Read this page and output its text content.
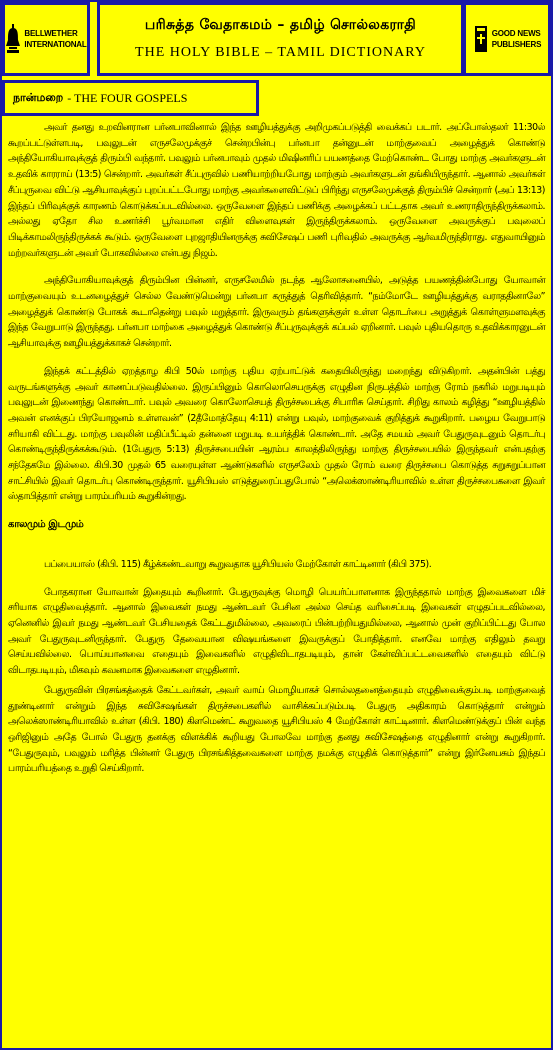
BELLWETHER
INTERNATIONAL
பரிசுத்த வேதாகமம் – தமிழ் சொல்லகராதி
THE HOLY BIBLE – TAMIL DICTIONARY
GOOD NEWS
PUBLISHERS
நான்மறை - THE FOUR GOSPELS

அவர் தனது உறவினரான பர்னபாவினால் இந்த ஊழியத்துக்கு அறிமுகப்படுத்தி வைக்கப் படார். அப்போஸ்தலர் 11:30ல் கூறப்பட்டுள்ளபடி, பவுலுடன் எருசலேமுக்குச் சென்றபின்பு பர்னபா தன்னுடன் மாற்குவைப் அழைத்துக் கொண்டு அந்தியோகியாவுக்குத் திரும்பி வந்தார். பவுலும் பர்னபாவும் முதல் மிஷினரிப் பயணத்தை மேற்கொண்ட போது மாற்கு அவர்களுடன் உதவிக் காரராய் (13:5) சென்றார். அவர்கள் சீப்புருவில் பணியாற்றியபோது மாற்கும் அவர்களுடன் தங்கியிருந்தார். ஆனால் அவர்கள் சீப்புருவை விட்டு ஆசியாவுக்குப் புறப்பட்டபோது மாற்கு அவர்களைவிட்டுப் பிரிந்து எருசலேமுக்குத் திரும்பிச் சென்றார் (அப் 13:13) இந்தப் பிரிவுக்குக் காரணம் கொடுக்கப்படவில்லை. ஒருவேளை இந்தப் பணிக்கு அழைக்கப் பட்டதாக அவர் உணராதிருந்திருக்கலாம். அல்லது ஏதோ சில உணர்ச்சி பூர்வமான எதிர் விளைவுகள் இருந்திருக்கலாம். ஒருவேளை அவருக்குப் பவுலைப் பிடிக்காமலிருந்திருக்கக் கூடும். ஒருவேளை புறஜாதியினருக்கு சுவிசேஷப் பணி புரிவதில் அவருக்கு ஆர்வமிருந்திராது. எதுவாயினும் மற்றவர்களுடன் அவர் போகவில்லை என்பது நிஜம்.

அந்தியோகியாவுக்குத் திரும்பின பின்னர், எருசலேமில் நடந்த ஆலோசனையில், அடுத்த பயணத்தின்போது யோவான் மாற்குவையும் உடனழைத்துச் செல்ல வேண்டுமென்று பர்னபா கருத்துத் தெரிவித்தார். “நம்மோடே ஊழியத்துக்கு வராததினாலே” அழைத்துக் கொண்டு போகக் கூடாதென்று பவுல் மறுத்தார். இருவரும் தங்களுக்குள் உள்ள தொடர்பை அறுத்துக் கொள்ளுமளவுக்கு இந்த வேறுபாடு இருந்தது. பர்னபா மாற்கை அழைத்துக் கொண்டு சீப்புருவுக்குக் கப்பல் ஏறினார். பவுல் புதியதொரு உதவிக்காரனுடன் ஆசியாவுக்கு ஊழியத்துக்காகச் சென்றார்.

இந்தக் கட்டத்தில் ஏறத்தாழ கிபி 50ல் மாற்கு புதிய ஏற்பாட்டுக் கதையிலிருந்து மறைந்து விடுகிறார். அதன்பின் பத்து வருடங்களுக்கு அவர் காணப்படுவதில்லை. இருப்பினும் கொலொசெயருக்கு எழுதின நிருபத்தில் மாற்கு ரோம் நகரில் மறுபடியும் பவுலுடன் இணைந்து கொண்டார். பவுல் அவரை கொலோசெயத் திருச்சபைக்கு சிபாரிசு செய்தார். சிறிது காலம் கழித்து “ஊழியத்தில் அவன் எனக்குப் பிரயோஜனம் உள்ளவன்” (2தீமோத்தேயு 4:11) என்று பவுல், மாற்குவைக் குறித்துக் கூறுகிறார். பழைய வேறுபாடு சரியாகி விட்டது. மாற்கு பவுலின் மதிப்பீட்டில் தன்னை மறுபடி உயர்த்திக் கொண்டார். அதே சமயம் அவர் பேதுருவுடனும் தொடர்பு கொண்டிருந்திருக்கக்கூடும். (1பேதுரு 5:13) திருச்சபையின் ஆரம்ப காலத்திலிருந்து மாற்கு திருச்சபையில் இருந்தவர் என்பதற்கு சந்தேகமே இல்லை. கிபி.30 முதல் 65 வரையுள்ள ஆண்டுகளில் எருசலேம் முதல் ரோம் வரை திருச்சபை கொடுத்த சுறுசுறுப்பான சாட்சியில் இவர் தொடர்பு கொண்டிருந்தார். யூசிபியஸ் எடுத்துரைப்பதுபோல் “அலெக்ஸாண்டிரியாவில் உள்ள திருச்சபைகளை இவர் ஸ்தாபித்தார் என்று பாரம்பரியம் கூறுகின்றது.

காலமும் இடமும்

பப்பையாஸ் (கிபி. 115) கீழ்க்கண்டவாறு கூறுவதாக யூசிபியஸ் மேற்கோள் காட்டினார் (கிபி 375).

போதகரான யோவான் இதையும் கூறினார். பேதுருவுக்கு மொழி பெயர்ப்பாளனாக இருந்ததால் மாற்கு இவைகளை மிச் சரியாக எழுதிவைத்தார். ஆனால் இவைகள் நமது ஆண்டவர் பேசின அல்ல செய்த வரிசைப்படி இவைகள் எழுதப்படவில்லை, ஏனெனில் இவர் நமது ஆண்டவர் பேசியதைக் கேட்டதுமில்லை, அவரைப் பின்பற்றியதுமில்லை, ஆனால் முன் குறிப்பிட்டது போல அவர் பேதுருவுடனிருந்தார். பேதுரு தேவையான விஷயங்களை இவருக்குப் போதித்தார். எனவே மாற்கு எதிலும் தவறு செய்யவில்லை. பொய்யானவை எதையும் இவைகளில் எழுதிவிடாதபடியும், தான் கேள்விப்பட்டவைகளில் எதையும் விட்டு விடாதபடியும், மிகவும் கவனமாக இவைகளை எழுதினார்.

பேதுருவின் பிரசங்கத்தைக் கேட்டவர்கள், அவர் வாய் மொழியாகச் சொல்லதனைத்தையும் எழுதிவைக்கும்படி மாற்குவைத் தூண்டினார் என்றும் இந்த சுவிசேஷங்கள் திருச்சபைகளில் வாசிக்கப்படும்படி பேதுரு அதிகாரம் கொடுத்தார் என்றும் அலெக்ஸாண்டிரியாவில் உள்ள (கிபி. 180) கிளமெண்ட் கூறுவதை யூசிபியஸ் 4 மேற்கோள் காட்டினார். கிளமெண்டுக்குப் பின் வந்த ஒரிஜினும் அதே போல் பேதுரு தனக்கு விளக்கிக் கூறியது போலவே மாற்கு தனது சுவிசேஷத்தை எழுதினார் என்று கூறுகிறார். “பேதுருவும், பவுலும் மரித்த பின்னர் பேதுரு பிரசங்கித்தவைகளை மாற்கு நமக்கு எழுதிக் கொடுத்தார்” என்று இர்னேயசும் இந்தப் பாரம்பரியத்தை உறுதி செய்கிறார்.
